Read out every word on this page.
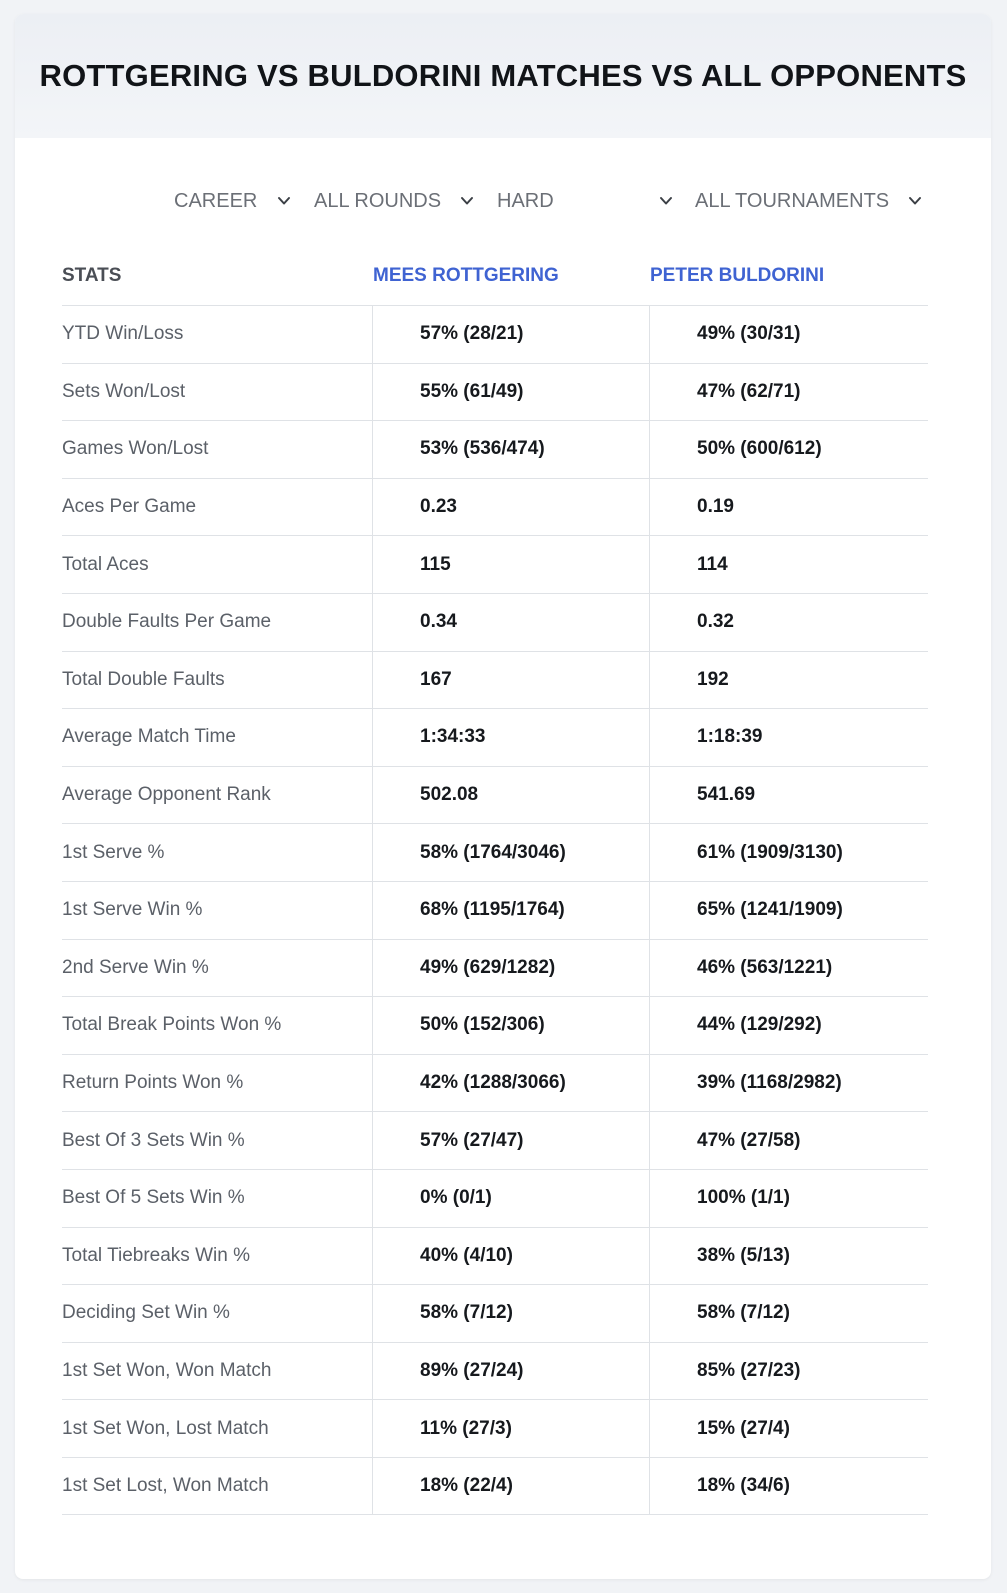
ROTTGERING VS BULDORINI MATCHES VS ALL OPPONENTS
CAREER	ALL ROUNDS	HARD	ALL TOURNAMENTS
STATS	MEES ROTTGERING	PETER BULDORINI
YTD Win/Loss	57% (28/21)	49% (30/31)
Sets Won/Lost	55% (61/49)	47% (62/71)
Games Won/Lost	53% (536/474)	50% (600/612)
Aces Per Game	0.23	0.19
Total Aces	115	114
Double Faults Per Game	0.34	0.32
Total Double Faults	167	192
Average Match Time	1:34:33	1:18:39
Average Opponent Rank	502.08	541.69
1st Serve %	58% (1764/3046)	61% (1909/3130)
1st Serve Win %	68% (1195/1764)	65% (1241/1909)
2nd Serve Win %	49% (629/1282)	46% (563/1221)
Total Break Points Won %	50% (152/306)	44% (129/292)
Return Points Won %	42% (1288/3066)	39% (1168/2982)
Best Of 3 Sets Win %	57% (27/47)	47% (27/58)
Best Of 5 Sets Win %	0% (0/1)	100% (1/1)
Total Tiebreaks Win %	40% (4/10)	38% (5/13)
Deciding Set Win %	58% (7/12)	58% (7/12)
1st Set Won, Won Match	89% (27/24)	85% (27/23)
1st Set Won, Lost Match	11% (27/3)	15% (27/4)
1st Set Lost, Won Match	18% (22/4)	18% (34/6)
